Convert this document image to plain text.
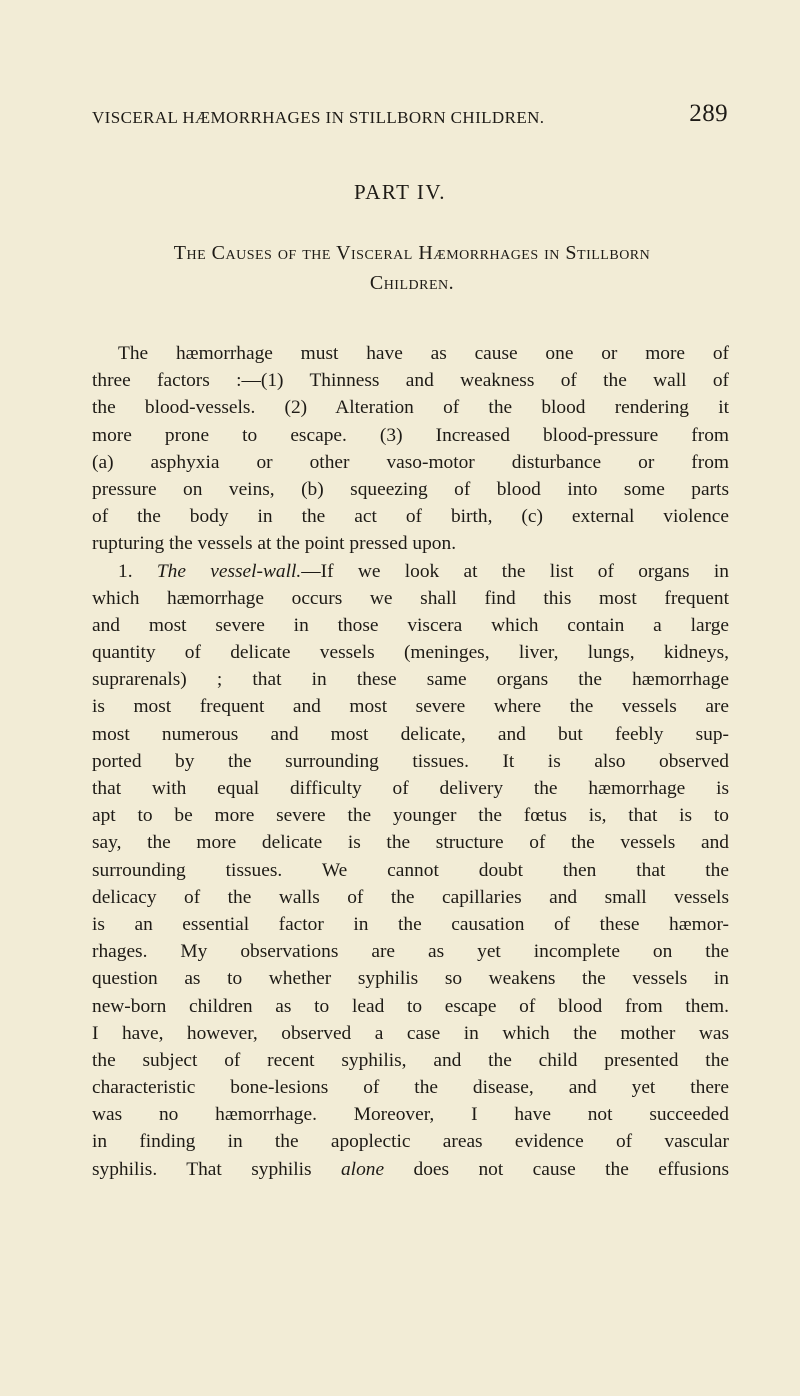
VISCERAL HÆMORRHAGES IN STILLBORN CHILDREN.	289
PART IV.
The Causes of the Visceral Hæmorrhages in Stillborn
Children.
The hæmorrhage must have as cause one or more of
three factors :—(1) Thinness and weakness of the wall of
the blood-vessels. (2) Alteration of the blood rendering it
more prone to escape. (3) Increased blood-pressure from
(a) asphyxia or other vaso-motor disturbance or from
pressure on veins, (b) squeezing of blood into some parts
of the body in the act of birth, (c) external violence
rupturing the vessels at the point pressed upon.
1. The vessel-wall.—If we look at the list of organs in
which hæmorrhage occurs we shall find this most frequent
and most severe in those viscera which contain a large
quantity of delicate vessels (meninges, liver, lungs, kidneys,
suprarenals) ; that in these same organs the hæmorrhage
is most frequent and most severe where the vessels are
most numerous and most delicate, and but feebly sup-
ported by the surrounding tissues. It is also observed
that with equal difficulty of delivery the hæmorrhage is
apt to be more severe the younger the fœtus is, that is to
say, the more delicate is the structure of the vessels and
surrounding tissues. We cannot doubt then that the
delicacy of the walls of the capillaries and small vessels
is an essential factor in the causation of these hæmor-
rhages. My observations are as yet incomplete on the
question as to whether syphilis so weakens the vessels in
new-born children as to lead to escape of blood from them.
I have, however, observed a case in which the mother was
the subject of recent syphilis, and the child presented the
characteristic bone-lesions of the disease, and yet there
was no hæmorrhage. Moreover, I have not succeeded
in finding in the apoplectic areas evidence of vascular
syphilis. That syphilis alone does not cause the effusions
